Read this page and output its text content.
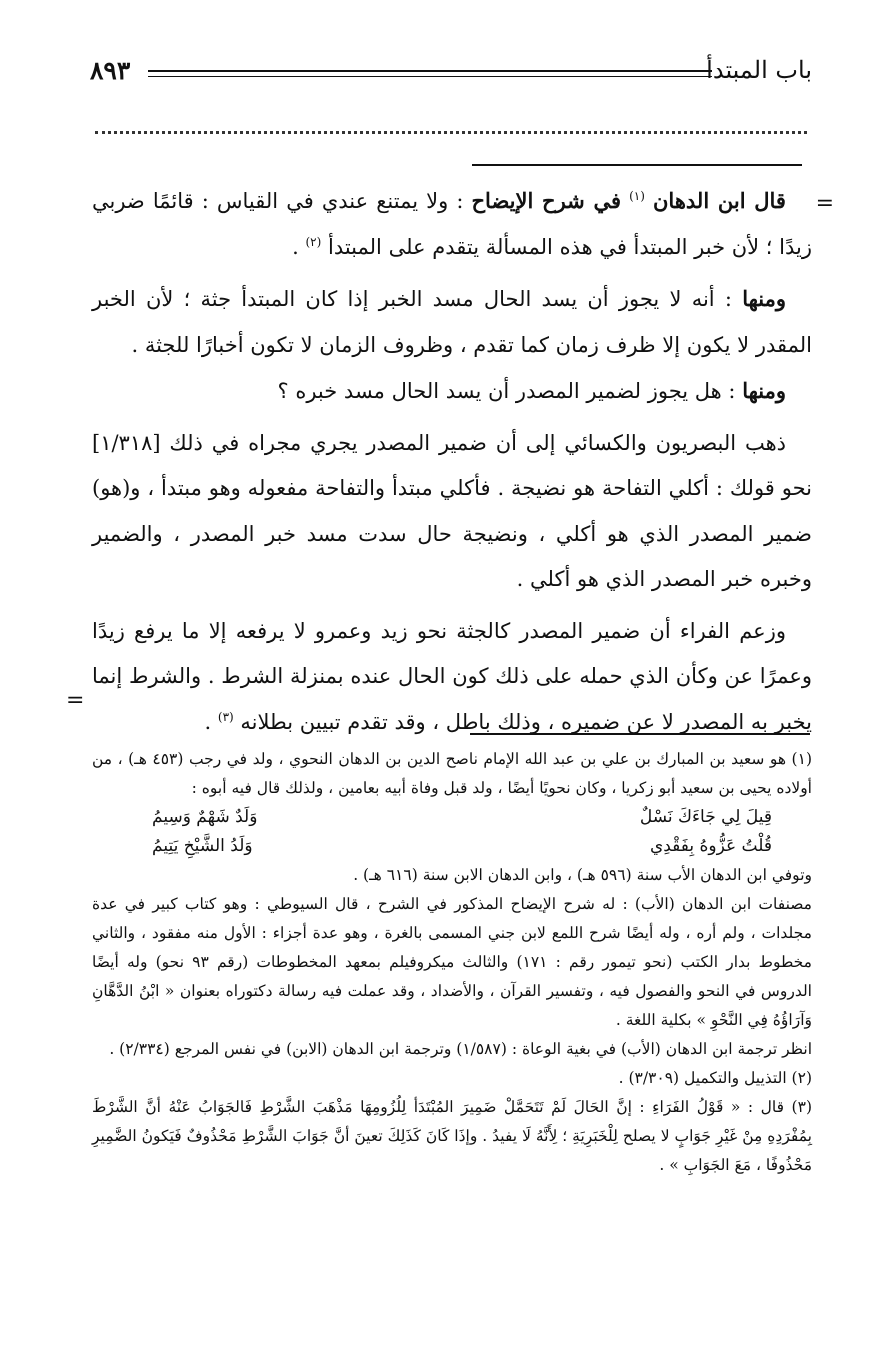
باب المبتدأ
٨٩٣
=

قال ابن الدهان $^{(١)}$ في شرح الإيضاح : ولا يمتنع عندي في القياس : قائمًا ضربي زيدًا ؛ لأن خبر المبتدأ في هذه المسألة يتقدم على المبتدأ $^{(٢)}$ .

ومنها : أنه لا يجوز أن يسد الحال مسد الخبر إذا كان المبتدأ جثة ؛ لأن الخبر المقدر لا يكون إلا ظرف زمان كما تقدم ، وظروف الزمان لا تكون أخبارًا للجثة .

ومنها : هل يجوز لضمير المصدر أن يسد الحال مسد خبره ؟

ذهب البصريون والكسائي إلى أن ضمير المصدر يجري مجراه في ذلك [١/٣١٨] نحو قولك : أكلي التفاحة هو نضيجة . فأكلي مبتدأ والتفاحة مفعوله وهو مبتدأ ، و(هو) ضمير المصدر الذي هو أكلي ، ونضيجة حال سدت مسد خبر المصدر ، والضمير وخبره خبر المصدر الذي هو أكلي .

وزعم الفراء أن ضمير المصدر كالجثة نحو زيد وعمرو لا يرفعه إلا ما يرفع زيدًا وعمرًا عن وكأن الذي حمله على ذلك كون الحال عنده بمنزلة الشرط . والشرط إنما يخبر به المصدر لا عن ضميره ، وذلك باطل ، وقد تقدم تبيين بطلانه $^{(٣)}$ .

=

(١) هو سعيد بن المبارك بن علي بن عبد الله الإمام ناصح الدين بن الدهان النحوي ، ولد في رجب (٤٥٣ هـ) ، من أولاده يحيى بن سعيد أبو زكريا ، وكان نحويًا أيضًا ، ولد قبل وفاة أبيه بعامين ، ولذلك قال فيه أبوه :

قِيلَ لِي جَاءَكَ نَسْلٌ
وَلَدٌ شَهْمٌ وَسِيمُ
قُلْتُ عَزُّوهُ بِفَقْدِي
وَلَدُ الشَّيْخِ يَتِيمُ

وتوفي ابن الدهان الأب سنة (٥٩٦ هـ) ، وابن الدهان الابن سنة (٦١٦ هـ) .

مصنفات ابن الدهان (الأب) : له شرح الإيضاح المذكور في الشرح ، قال السيوطي : وهو كتاب كبير في عدة مجلدات ، ولم أره ، وله أيضًا شرح اللمع لابن جني المسمى بالغرة ، وهو عدة أجزاء : الأول منه مفقود ، والثاني مخطوط بدار الكتب (نحو تيمور رقم : ١٧١) والثالث ميكروفيلم بمعهد المخطوطات (رقم ٩٣ نحو) وله أيضًا الدروس في النحو والفصول فيه ، وتفسير القرآن ، والأضداد ، وقد عملت فيه رسالة دكتوراه بعنوان « ابْنُ الدَّهَّانِ وَآرَاؤُهُ فِي النَّحْوِ » بكلية اللغة .

انظر ترجمة ابن الدهان (الأب) في بغية الوعاة : (١/٥٨٧) وترجمة ابن الدهان (الابن) في نفس المرجع (٢/٣٣٤) .

(٢) التذييل والتكميل (٣/٣٠٩) .

(٣) قال : « قَوْلُ الفَرَاءِ : إنَّ الحَالَ لَمْ تَتَحَمَّلْ ضَمِيرَ المُبْتَدَأ لِلُزُومِهَا مَذْهَبَ الشَّرْطِ فَالجَوَابُ عَنْهُ أنَّ الشَّرْطَ بِمُفْرَدِهِ مِنْ غَيْرِ جَوَابٍ لا يصلح لِلْخَبَرِيَةِ ؛ لِأَنَّهُ لَا يفيدُ . وإذَا كَانَ كَذَلِكَ تعينَ أنَّ جَوَابَ الشَّرْطِ مَحْذُوفٌ فَيَكونُ الضَّمِيرِ مَحْذُوفًا ، مَعَ الجَوَابِ » .
